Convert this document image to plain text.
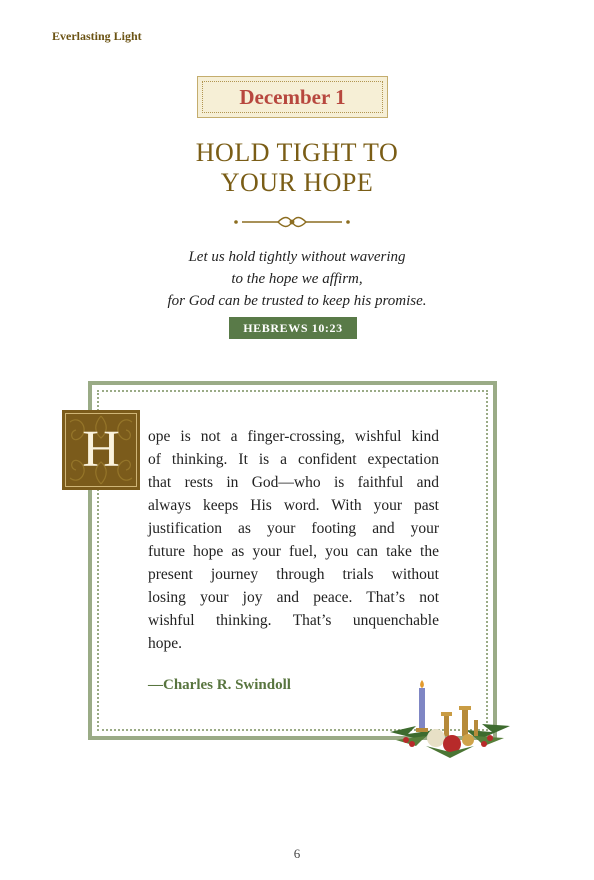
Everlasting Light
December 1
HOLD TIGHT TO
YOUR HOPE
Let us hold tightly without wavering
to the hope we affirm,
for God can be trusted to keep his promise.
HEBREWS 10:23
H ope is not a finger-crossing, wishful kind
of thinking. It is a confident expectation
that rests in God—who is faithful and
always keeps His word. With your past
justification as your footing and your
future hope as your fuel, you can take the
present journey through trials without
losing your joy and peace. That’s not
wishful thinking. That’s unquenchable
hope.
—Charles R. Swindoll
6
